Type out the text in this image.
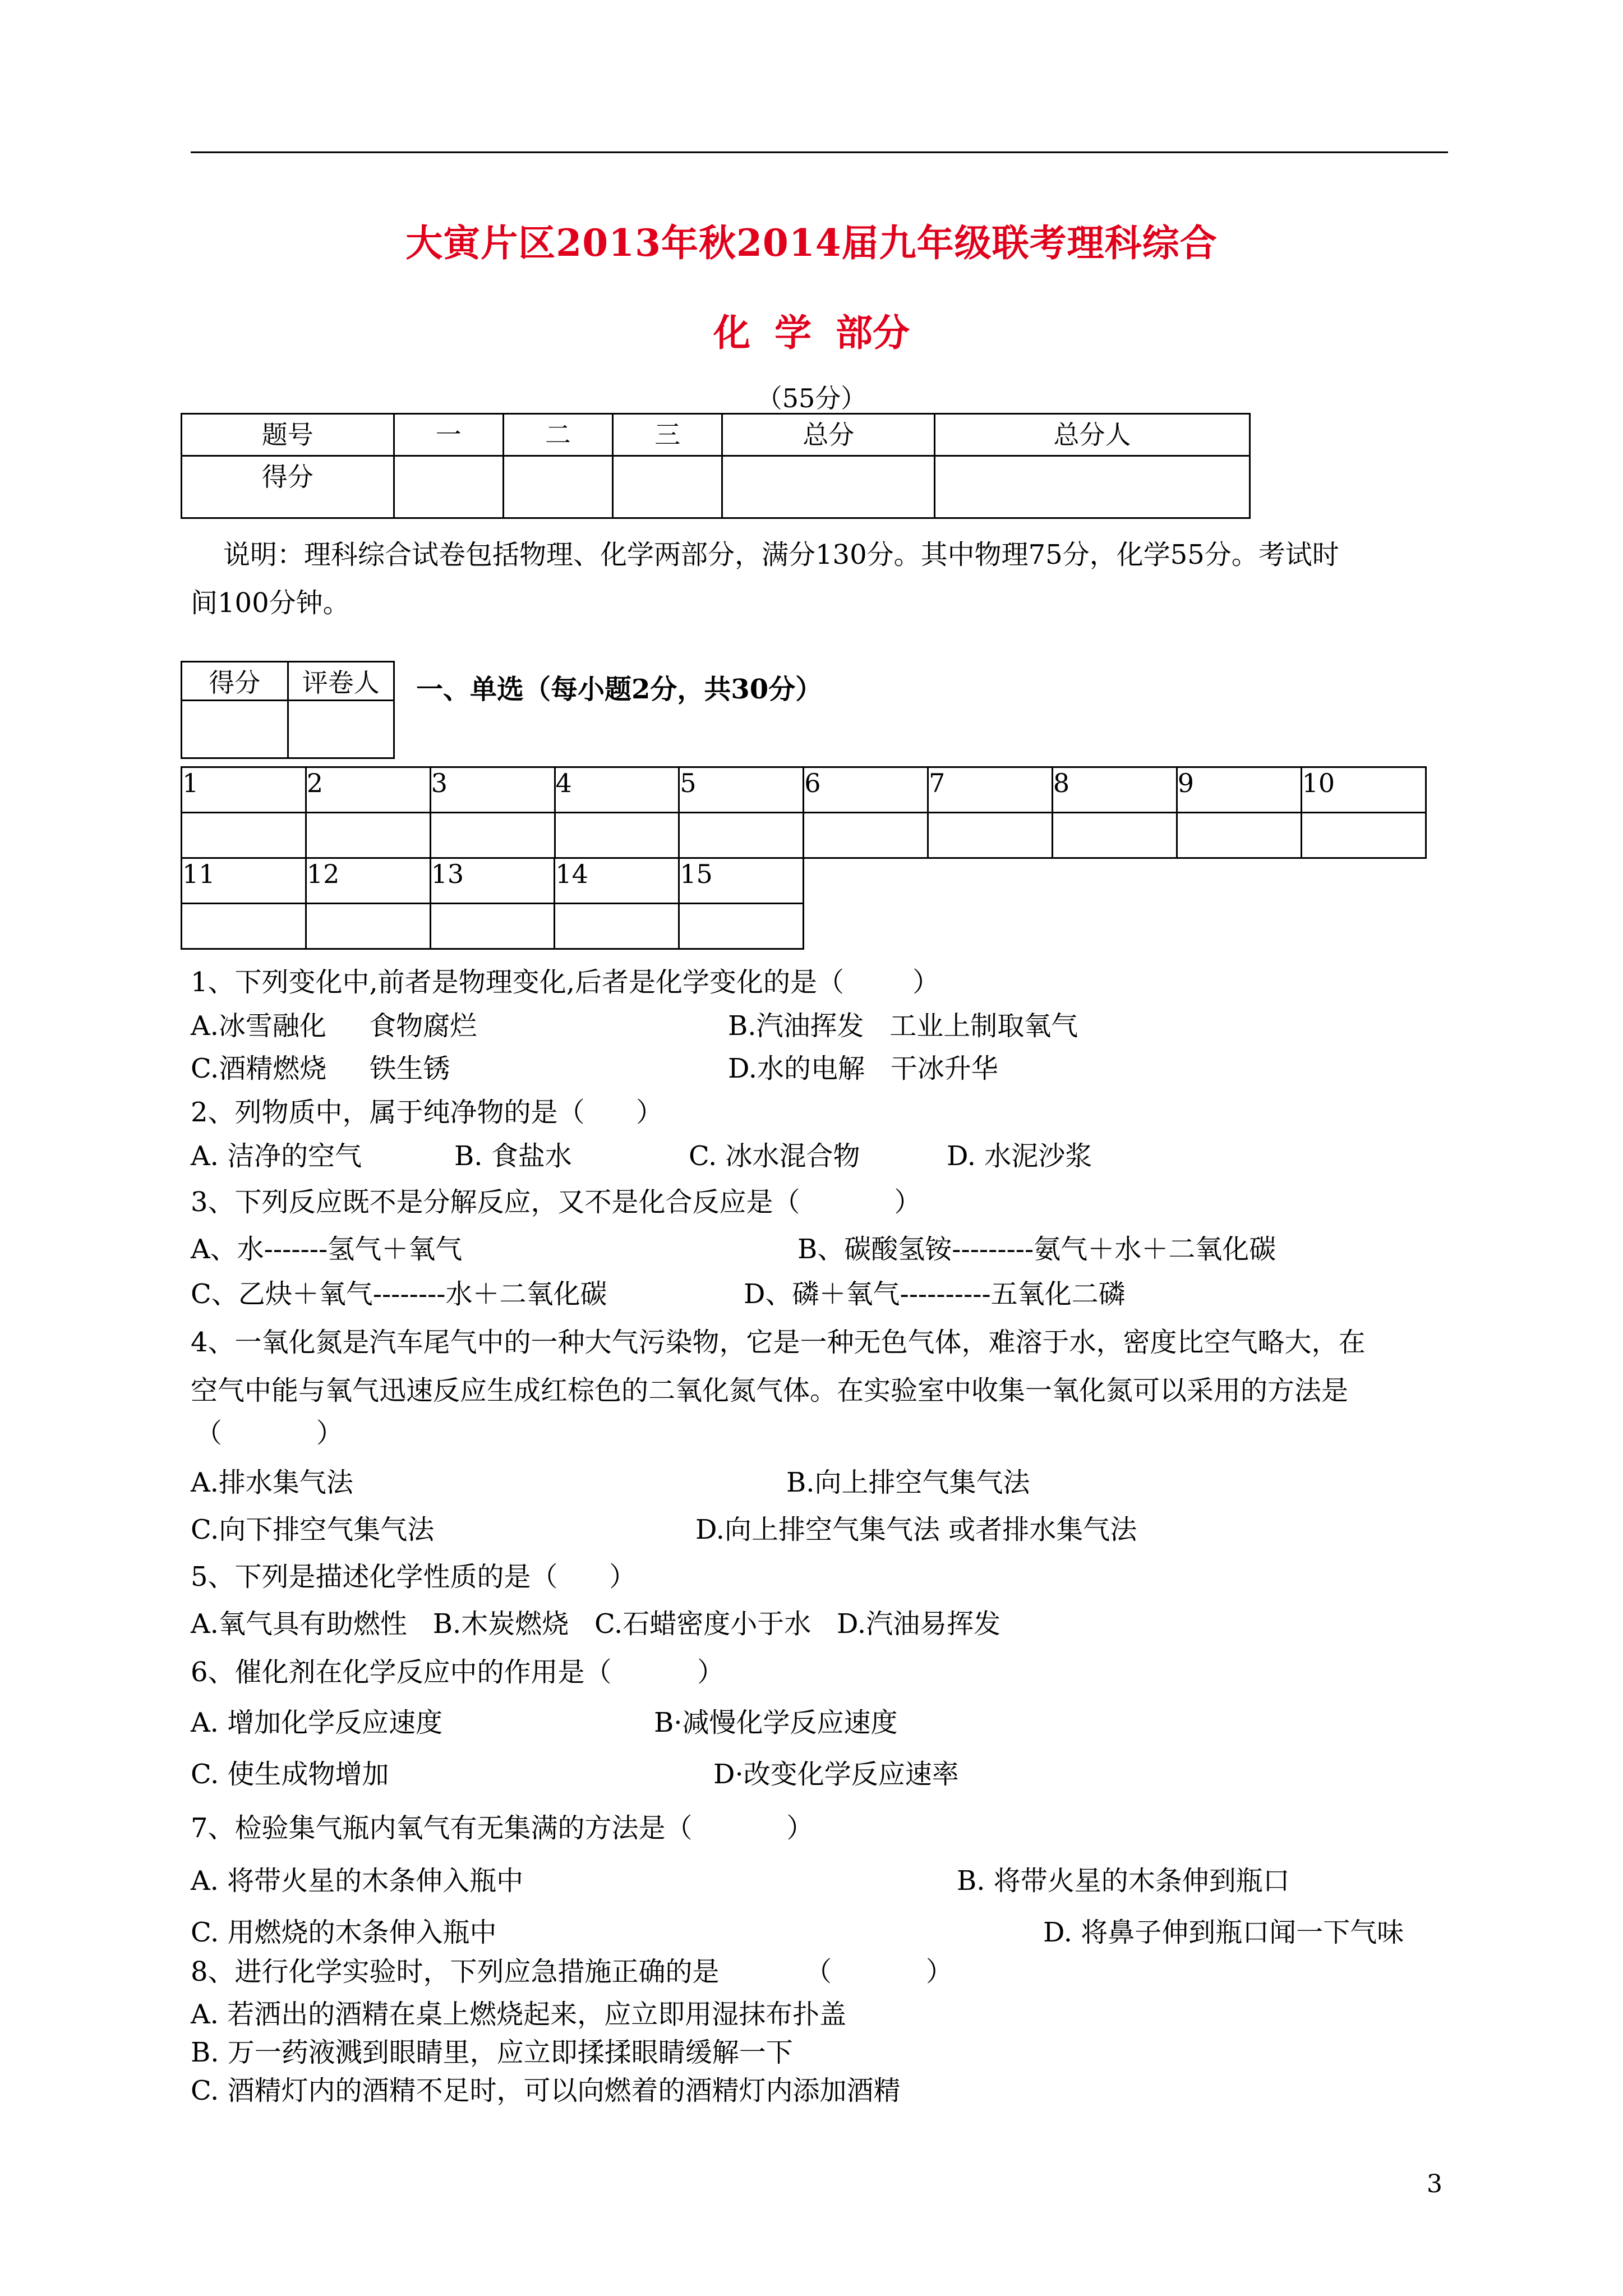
大寅片区2013年秋2014届九年级联考理科综合
化 学 部分
（55分）
题号	一	二	三	总分	总分人
得分					
说明：理科综合试卷包括物理、化学两部分，满分130分。其中物理75分，化学55分。考试时
间100分钟。
得分	评卷人
	一、单选（每小题2分，共30分）
1	2	3	4	5	6	7	8	9	10

11	12	13	14	15

1、下列变化中,前者是物理变化,后者是化学变化的是（        ）
A.冰雪融化     食物腐烂	B.汽油挥发   工业上制取氧气
C.酒精燃烧     铁生锈	D.水的电解   干冰升华
2、列物质中，属于纯净物的是（      ）
A. 洁净的空气	B. 食盐水	C. 冰水混合物	D. 水泥沙浆
3、下列反应既不是分解反应，又不是化合反应是（           ）
A、水-------氢气＋氧气	B、碳酸氢铵---------氨气＋水＋二氧化碳
C、乙炔＋氧气--------水＋二氧化碳	D、磷＋氧气----------五氧化二磷
4、一氧化氮是汽车尾气中的一种大气污染物，它是一种无色气体，难溶于水，密度比空气略大，在
空气中能与氧气迅速反应生成红棕色的二氧化氮气体。在实验室中收集一氧化氮可以采用的方法是
（           ）
A.排水集气法	B.向上排空气集气法
C.向下排空气集气法	D.向上排空气集气法 或者排水集气法
5、下列是描述化学性质的是（      ）
A.氧气具有助燃性   B.木炭燃烧   C.石蜡密度小于水   D.汽油易挥发
6、催化剂在化学反应中的作用是（          ）
A. 增加化学反应速度	B·减慢化学反应速度
C. 使生成物增加	D·改变化学反应速率
7、检验集气瓶内氧气有无集满的方法是（           ）
A. 将带火星的木条伸入瓶中	B. 将带火星的木条伸到瓶口
C. 用燃烧的木条伸入瓶中	D. 将鼻子伸到瓶口闻一下气味
8、进行化学实验时，下列应急措施正确的是          （           ）
A. 若洒出的酒精在桌上燃烧起来，应立即用湿抹布扑盖
B. 万一药液溅到眼睛里，应立即揉揉眼睛缓解一下
C. 酒精灯内的酒精不足时，可以向燃着的酒精灯内添加酒精
3
